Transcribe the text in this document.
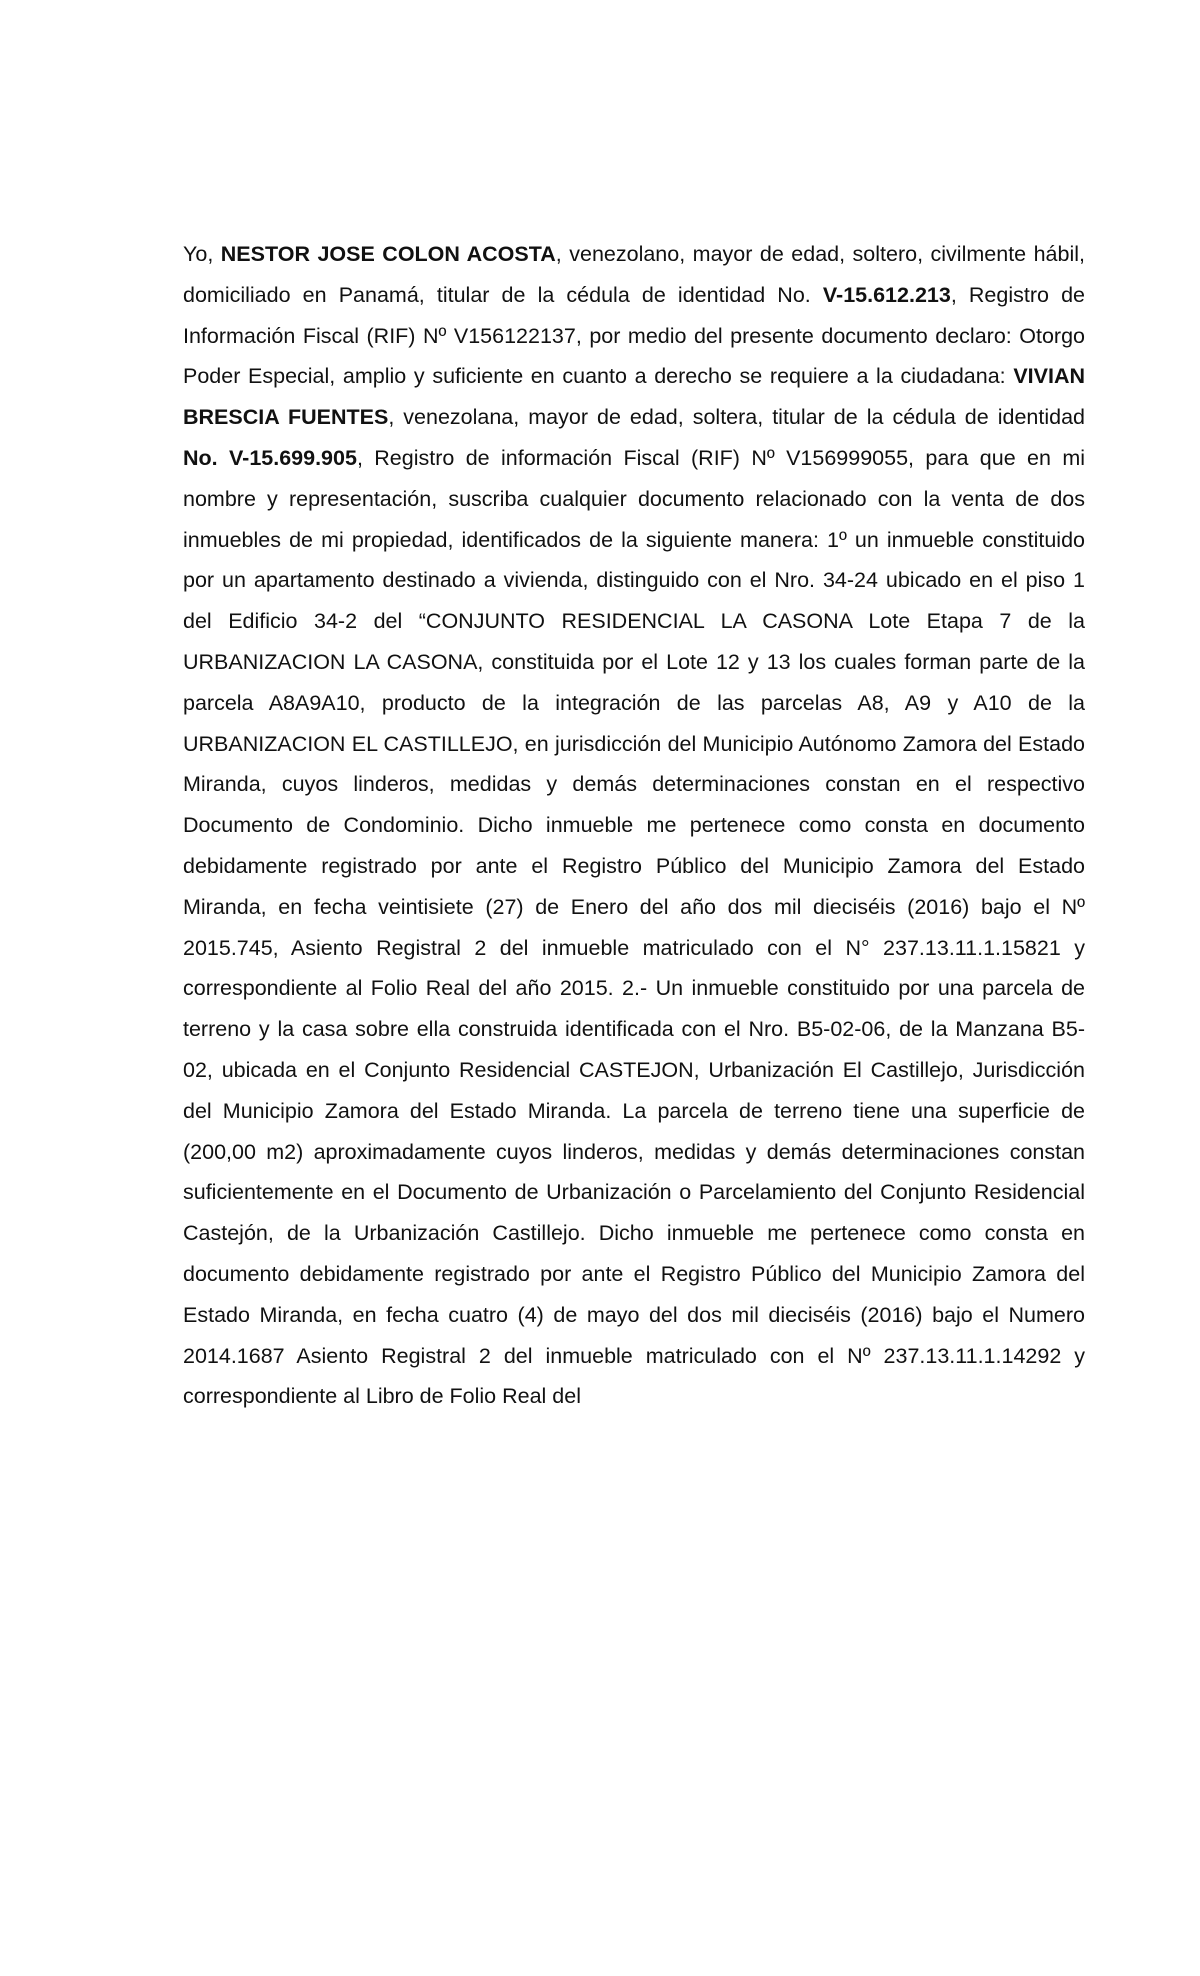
Yo, NESTOR JOSE COLON ACOSTA, venezolano, mayor de edad, soltero, civilmente hábil, domiciliado en Panamá, titular de la cédula de identidad No. V-15.612.213, Registro de Información Fiscal (RIF) Nº V156122137, por medio del presente documento declaro: Otorgo Poder Especial, amplio y suficiente en cuanto a derecho se requiere a la ciudadana: VIVIAN BRESCIA FUENTES, venezolana, mayor de edad, soltera, titular de la cédula de identidad No. V-15.699.905, Registro de información Fiscal (RIF) Nº V156999055, para que en mi nombre y representación, suscriba cualquier documento relacionado con la venta de dos inmuebles de mi propiedad, identificados de la siguiente manera: 1º un inmueble constituido por un apartamento destinado a vivienda, distinguido con el Nro. 34-24 ubicado en el piso 1 del Edificio 34-2 del “CONJUNTO RESIDENCIAL LA CASONA Lote Etapa 7 de la URBANIZACION LA CASONA, constituida por el Lote 12 y 13 los cuales forman parte de la parcela A8A9A10, producto de la integración de las parcelas A8, A9 y A10 de la URBANIZACION EL CASTILLEJO, en jurisdicción del Municipio Autónomo Zamora del Estado Miranda, cuyos linderos, medidas y demás determinaciones constan en el respectivo Documento de Condominio. Dicho inmueble me pertenece como consta en documento debidamente registrado por ante el Registro Público del Municipio Zamora del Estado Miranda, en fecha veintisiete (27) de Enero del año dos mil dieciséis (2016) bajo el Nº 2015.745, Asiento Registral 2 del inmueble matriculado con el N° 237.13.11.1.15821 y correspondiente al Folio Real del año 2015. 2.- Un inmueble constituido por una parcela de terreno y la casa sobre ella construida identificada con el Nro. B5-02-06, de la Manzana B5-02, ubicada en el Conjunto Residencial CASTEJON, Urbanización El Castillejo, Jurisdicción del Municipio Zamora del Estado Miranda. La parcela de terreno tiene una superficie de (200,00 m2) aproximadamente cuyos linderos, medidas y demás determinaciones constan suficientemente en el Documento de Urbanización o Parcelamiento del Conjunto Residencial Castejón, de la Urbanización Castillejo. Dicho inmueble me pertenece como consta en documento debidamente registrado por ante el Registro Público del Municipio Zamora del Estado Miranda, en fecha cuatro (4) de mayo del dos mil dieciséis (2016) bajo el Numero 2014.1687 Asiento Registral 2 del inmueble matriculado con el Nº 237.13.11.1.14292 y correspondiente al Libro de Folio Real del
